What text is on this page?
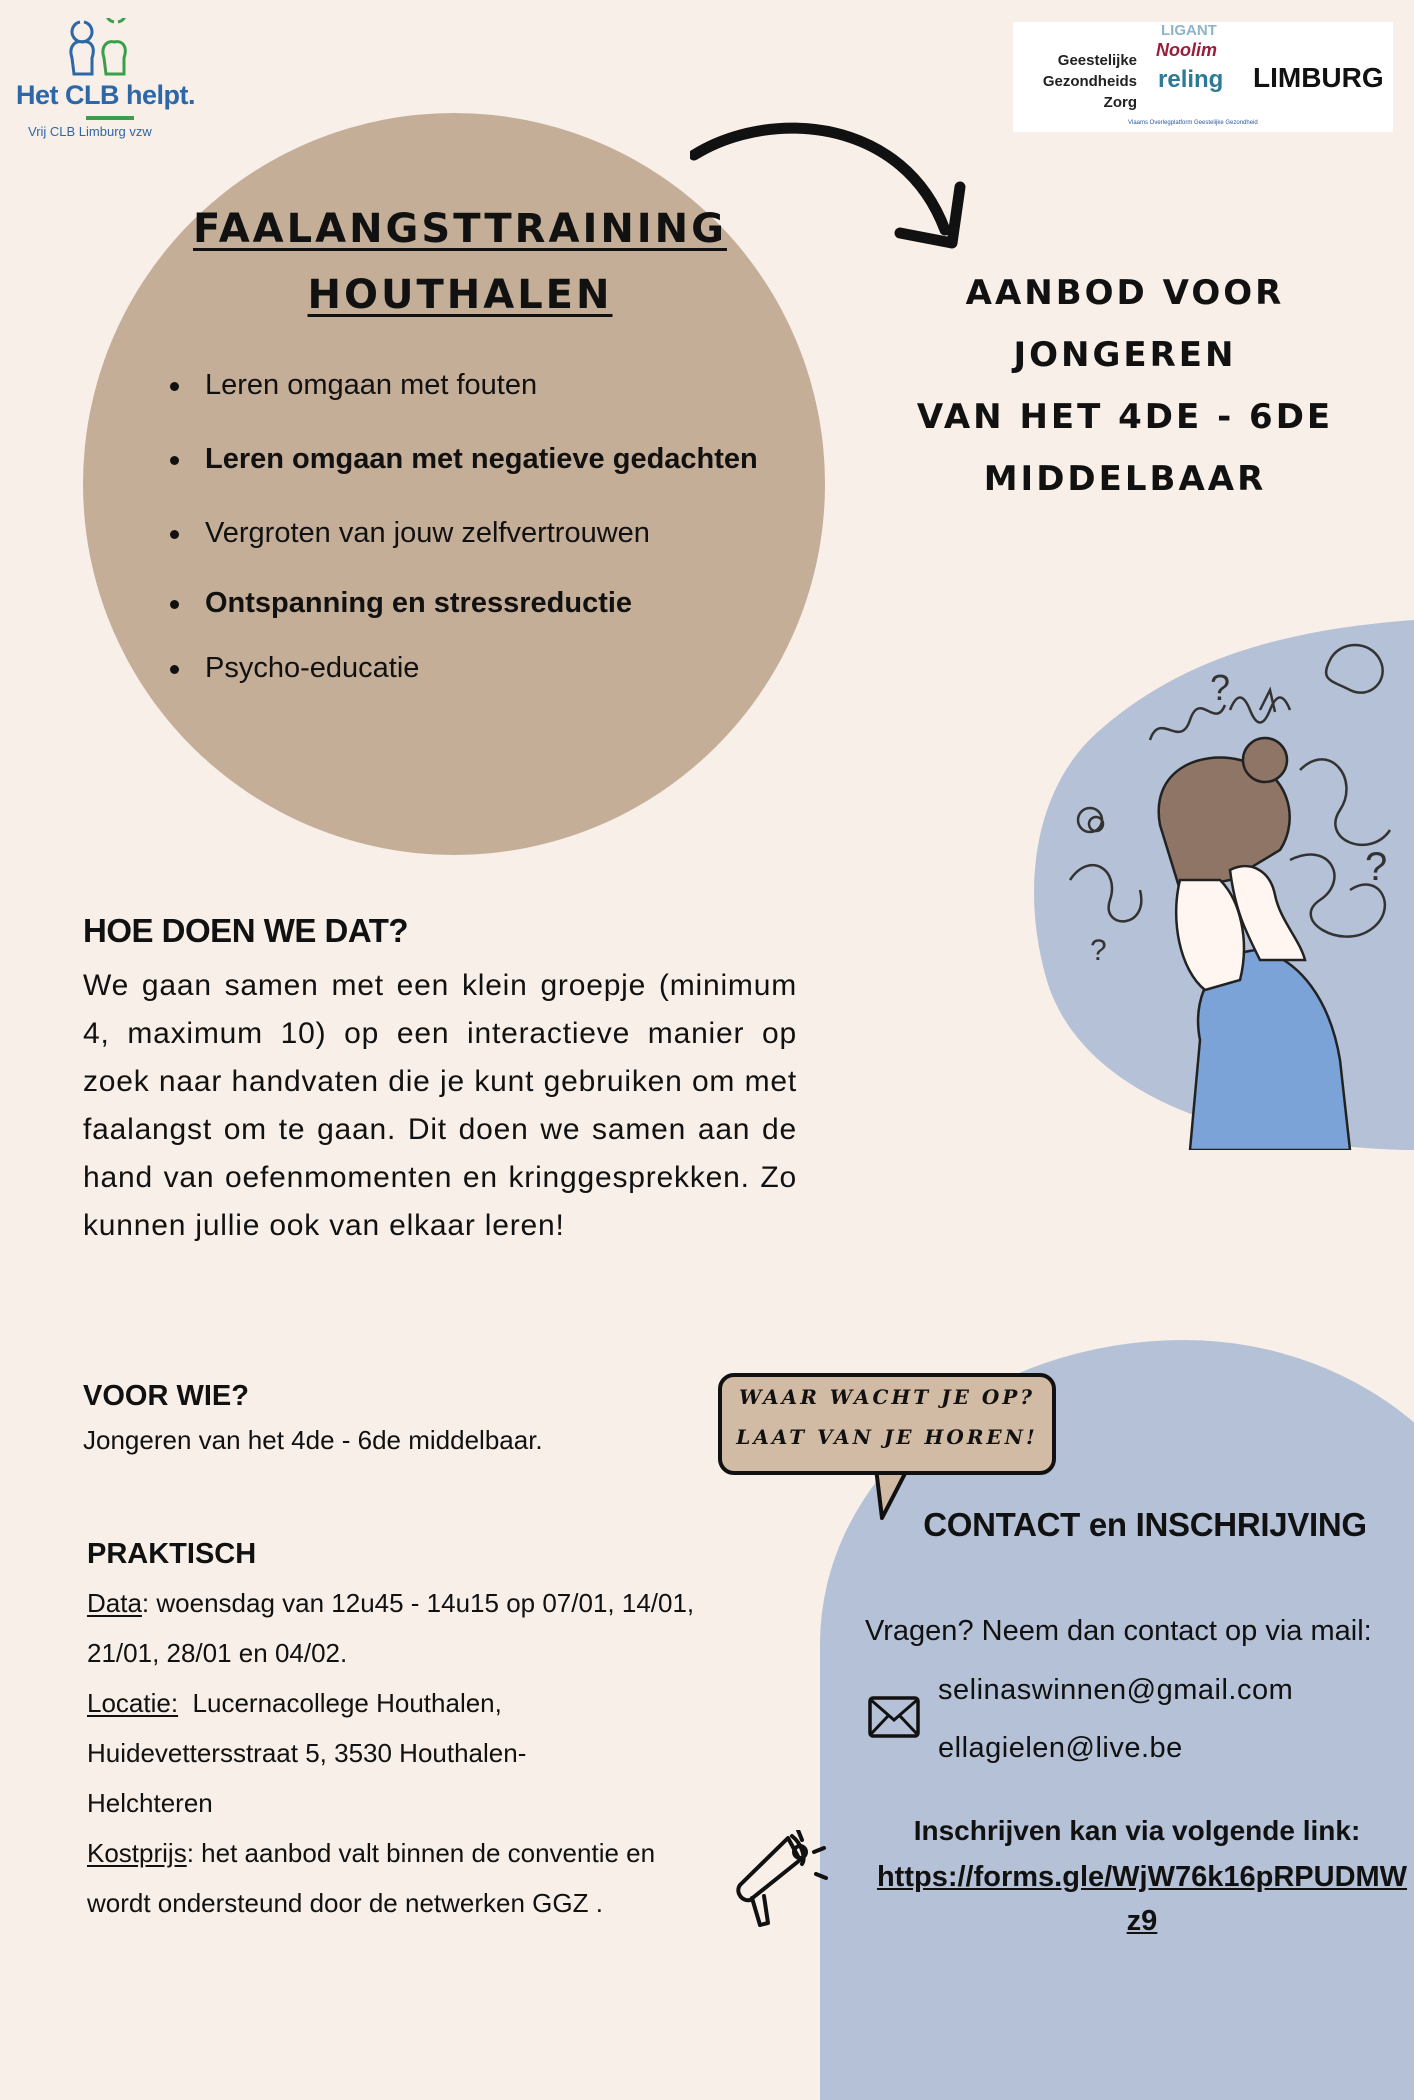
Het CLB helpt.
Vrij CLB Limburg vzw
Geestelijke
Gezondheids
Zorg
LIGANT
Noolim
reling LIMBURG
Vlaams Overlegplatform Geestelijke Gezondheid
FAALANGSTTRAINING
HOUTHALEN
Leren omgaan met fouten
Leren omgaan met negatieve gedachten
Vergroten van jouw zelfvertrouwen
Ontspanning en stressreductie
Psycho-educatie
AANBOD VOOR JONGEREN
VAN HET 4DE - 6DE
MIDDELBAAR
?
?
?
HOE DOEN WE DAT?
We gaan samen met een klein groepje (minimum 4, maximum 10) op een interactieve manier op zoek naar handvaten die je kunt gebruiken om met faalangst om te gaan. Dit doen we samen aan de hand van oefenmomenten en kringgesprekken. Zo kunnen jullie ook van elkaar leren!
VOOR WIE?
Jongeren van het 4de - 6de middelbaar.
PRAKTISCH
Data: woensdag van 12u45 - 14u15 op 07/01, 14/01, 21/01, 28/01 en 04/02.
Locatie:  Lucernacollege Houthalen, Huidevettersstraat 5, 3530 Houthalen-Helchteren
Kostprijs: het aanbod valt binnen de conventie en wordt ondersteund door de netwerken GGZ .
WAAR WACHT JE OP?
LAAT VAN JE HOREN!
CONTACT en INSCHRIJVING
Vragen? Neem dan contact op via mail:
selinaswinnen@gmail.com
ellagielen@live.be
Inschrijven kan via volgende link:
https://forms.gle/WjW76k16pRPUDMWz9
